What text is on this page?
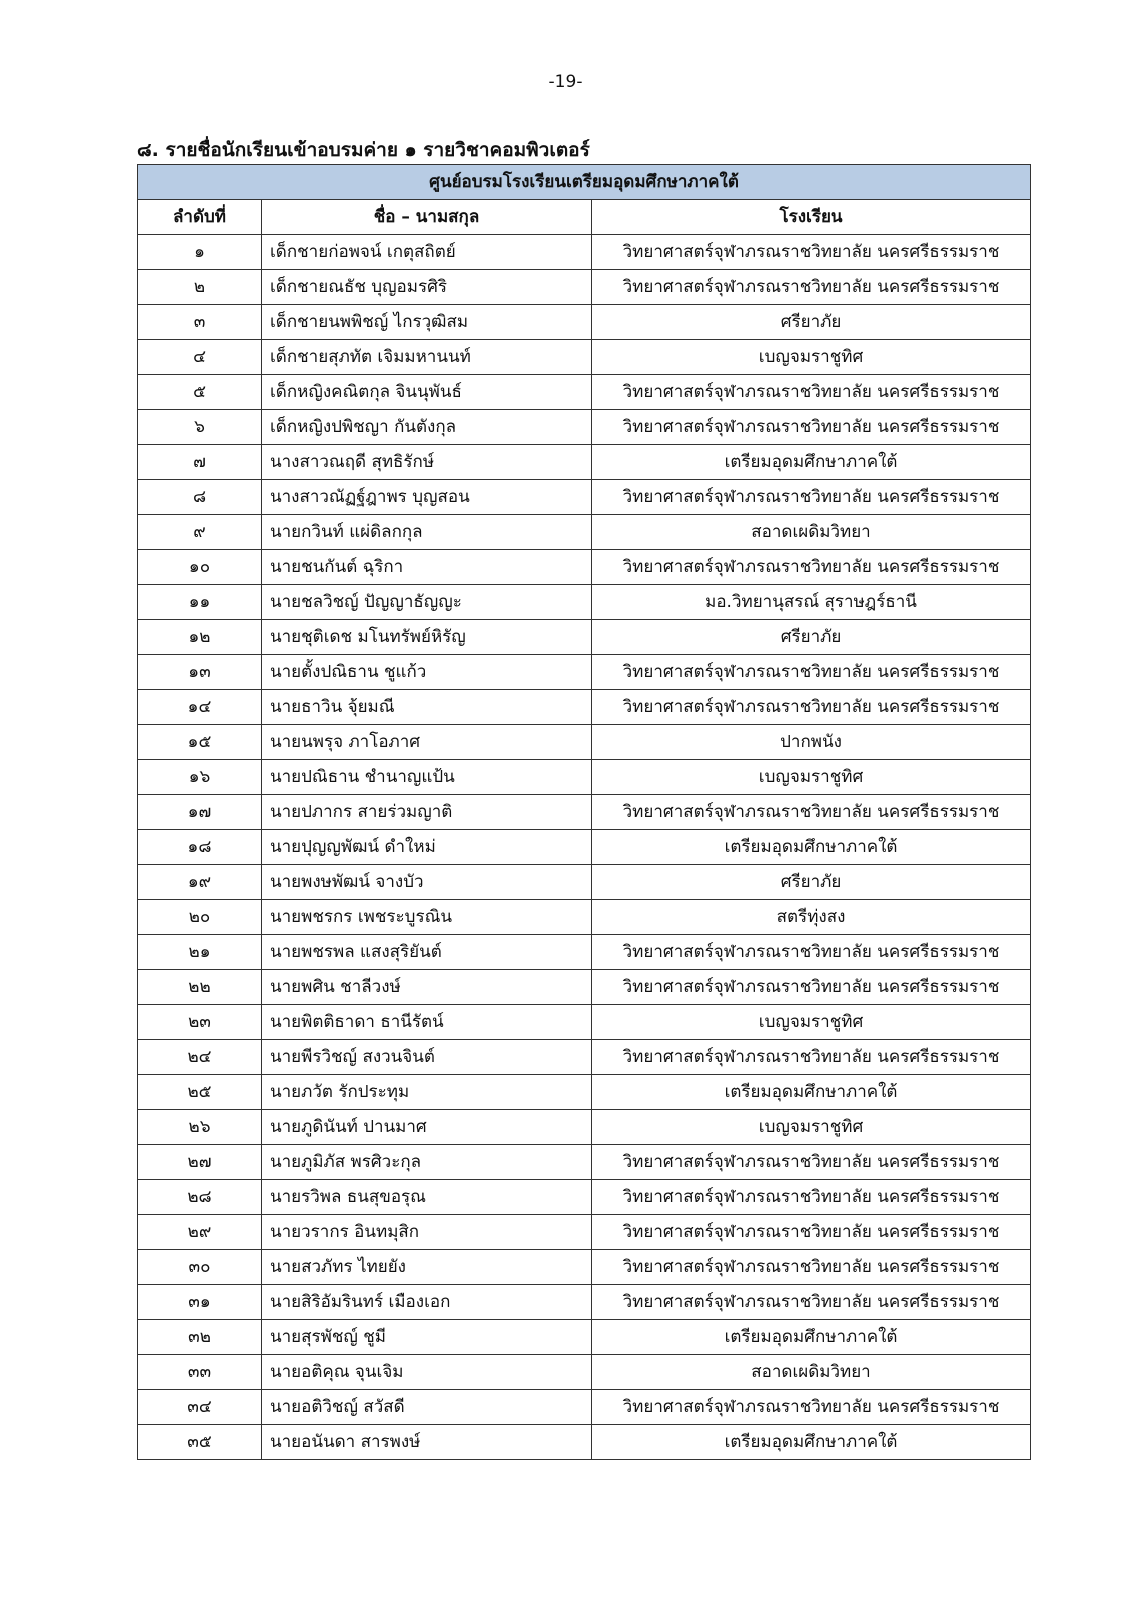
-19-
๘. รายชื่อนักเรียนเข้าอบรมค่าย ๑ รายวิชาคอมพิวเตอร์
ศูนย์อบรมโรงเรียนเตรียมอุดมศึกษาภาคใต้		
ลำดับที่	ชื่อ – นามสกุล	โรงเรียน
๑	เด็กชายก่อพจน์ เกตุสถิตย์	วิทยาศาสตร์จุฬาภรณราชวิทยาลัย นครศรีธรรมราช
๒	เด็กชายณธัช บุญอมรศิริ	วิทยาศาสตร์จุฬาภรณราชวิทยาลัย นครศรีธรรมราช
๓	เด็กชายนพพิชญ์ ไกรวุฒิสม	ศรียาภัย
๔	เด็กชายสุภทัต เจิมมหานนท์	เบญจมราชูทิศ
๕	เด็กหญิงคณิตกุล จินนุพันธ์	วิทยาศาสตร์จุฬาภรณราชวิทยาลัย นครศรีธรรมราช
๖	เด็กหญิงปพิชญา กันตังกุล	วิทยาศาสตร์จุฬาภรณราชวิทยาลัย นครศรีธรรมราช
๗	นางสาวณฤดี สุทธิรักษ์	เตรียมอุดมศึกษาภาคใต้
๘	นางสาวณัฏฐ์ฎาพร บุญสอน	วิทยาศาสตร์จุฬาภรณราชวิทยาลัย นครศรีธรรมราช
๙	นายกวินท์ แผ่ดิลกกุล	สอาดเผดิมวิทยา
๑๐	นายชนกันต์ ฉุริกา	วิทยาศาสตร์จุฬาภรณราชวิทยาลัย นครศรีธรรมราช
๑๑	นายชลวิชญ์ ปัญญาธัญญะ	มอ.วิทยานุสรณ์ สุราษฎร์ธานี
๑๒	นายชุติเดช มโนทรัพย์หิรัญ	ศรียาภัย
๑๓	นายตั้งปณิธาน ชูแก้ว	วิทยาศาสตร์จุฬาภรณราชวิทยาลัย นครศรีธรรมราช
๑๔	นายธาวิน จุ้ยมณี	วิทยาศาสตร์จุฬาภรณราชวิทยาลัย นครศรีธรรมราช
๑๕	นายนพรุจ ภาโอภาศ	ปากพนัง
๑๖	นายปณิธาน ชำนาญแป้น	เบญจมราชูทิศ
๑๗	นายปภากร สายร่วมญาติ	วิทยาศาสตร์จุฬาภรณราชวิทยาลัย นครศรีธรรมราช
๑๘	นายปุญญพัฒน์ ดำใหม่	เตรียมอุดมศึกษาภาคใต้
๑๙	นายพงษพัฒน์ จางบัว	ศรียาภัย
๒๐	นายพชรกร เพชระบูรณิน	สตรีทุ่งสง
๒๑	นายพชรพล แสงสุริยันต์	วิทยาศาสตร์จุฬาภรณราชวิทยาลัย นครศรีธรรมราช
๒๒	นายพศิน ชาลีวงษ์	วิทยาศาสตร์จุฬาภรณราชวิทยาลัย นครศรีธรรมราช
๒๓	นายพิตติธาดา ธานีรัตน์	เบญจมราชูทิศ
๒๔	นายพีรวิชญ์ สงวนจินต์	วิทยาศาสตร์จุฬาภรณราชวิทยาลัย นครศรีธรรมราช
๒๕	นายภวัต รักประทุม	เตรียมอุดมศึกษาภาคใต้
๒๖	นายภูดินันท์ ปานมาศ	เบญจมราชูทิศ
๒๗	นายภูมิภัส พรศิวะกุล	วิทยาศาสตร์จุฬาภรณราชวิทยาลัย นครศรีธรรมราช
๒๘	นายรวิพล ธนสุขอรุณ	วิทยาศาสตร์จุฬาภรณราชวิทยาลัย นครศรีธรรมราช
๒๙	นายวรากร อินทมุสิก	วิทยาศาสตร์จุฬาภรณราชวิทยาลัย นครศรีธรรมราช
๓๐	นายสวภัทร ไทยยัง	วิทยาศาสตร์จุฬาภรณราชวิทยาลัย นครศรีธรรมราช
๓๑	นายสิริอัมรินทร์ เมืองเอก	วิทยาศาสตร์จุฬาภรณราชวิทยาลัย นครศรีธรรมราช
๓๒	นายสุรพัชญ์ ชูมี	เตรียมอุดมศึกษาภาคใต้
๓๓	นายอติคุณ จุนเจิม	สอาดเผดิมวิทยา
๓๔	นายอติวิชญ์ สวัสดี	วิทยาศาสตร์จุฬาภรณราชวิทยาลัย นครศรีธรรมราช
๓๕	นายอนันดา สารพงษ์	เตรียมอุดมศึกษาภาคใต้
